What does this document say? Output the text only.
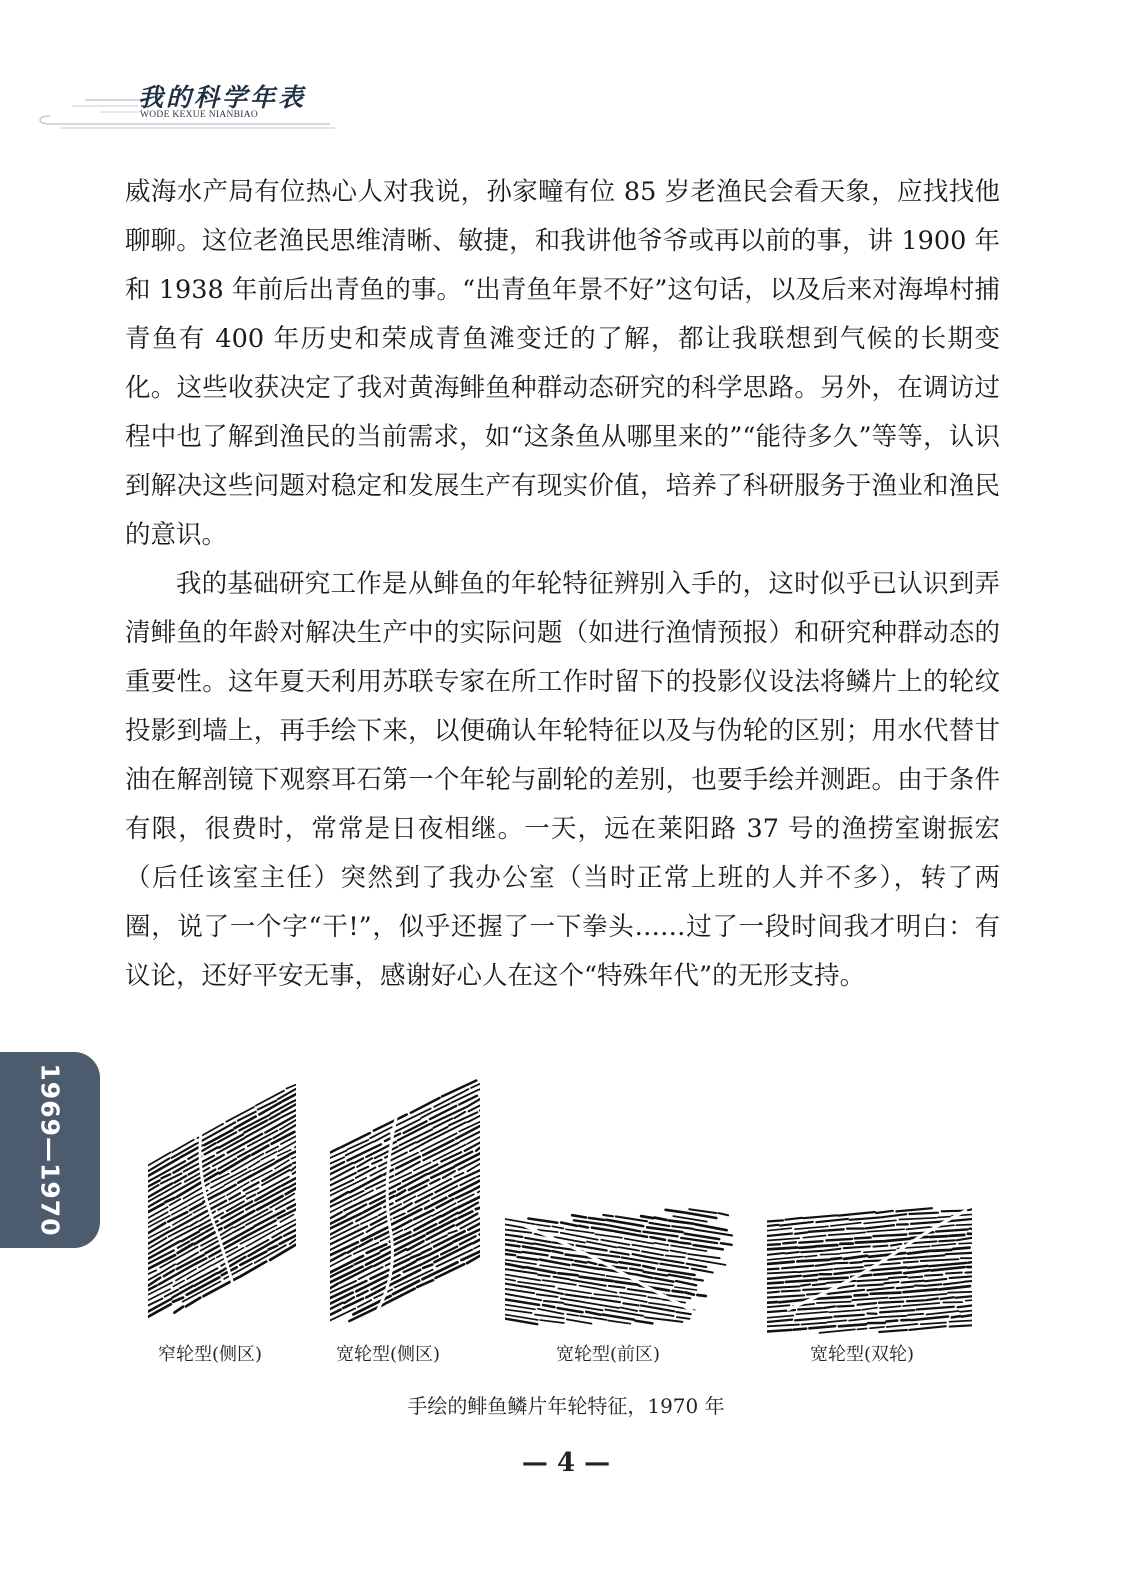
我的科学年表
WODE KEXUE NIANBIAO

威海水产局有位热心人对我说，孙家疃有位 85 岁老渔民会看天象，应找找他聊聊。这位老渔民思维清晰、敏捷，和我讲他爷爷或再以前的事，讲 1900 年和 1938 年前后出青鱼的事。“出青鱼年景不好”这句话，以及后来对海埠村捕青鱼有 400 年历史和荣成青鱼滩变迁的了解，都让我联想到气候的长期变化。这些收获决定了我对黄海鲱鱼种群动态研究的科学思路。另外，在调访过程中也了解到渔民的当前需求，如“这条鱼从哪里来的”“能待多久”等等，认识到解决这些问题对稳定和发展生产有现实价值，培养了科研服务于渔业和渔民的意识。

我的基础研究工作是从鲱鱼的年轮特征辨别入手的，这时似乎已认识到弄清鲱鱼的年龄对解决生产中的实际问题（如进行渔情预报）和研究种群动态的重要性。这年夏天利用苏联专家在所工作时留下的投影仪设法将鳞片上的轮纹投影到墙上，再手绘下来，以便确认年轮特征以及与伪轮的区别；用水代替甘油在解剖镜下观察耳石第一个年轮与副轮的差别，也要手绘并测距。由于条件有限，很费时，常常是日夜相继。一天，远在莱阳路 37 号的渔捞室谢振宏（后任该室主任）突然到了我办公室（当时正常上班的人并不多），转了两圈，说了一个字“干!”，似乎还握了一下拳头……过了一段时间我才明白：有议论，还好平安无事，感谢好心人在这个“特殊年代”的无形支持。

1969—1970
窄轮型(侧区)	宽轮型(侧区)	宽轮型(前区)	宽轮型(双轮)
手绘的鲱鱼鳞片年轮特征，1970 年
— 4 —
